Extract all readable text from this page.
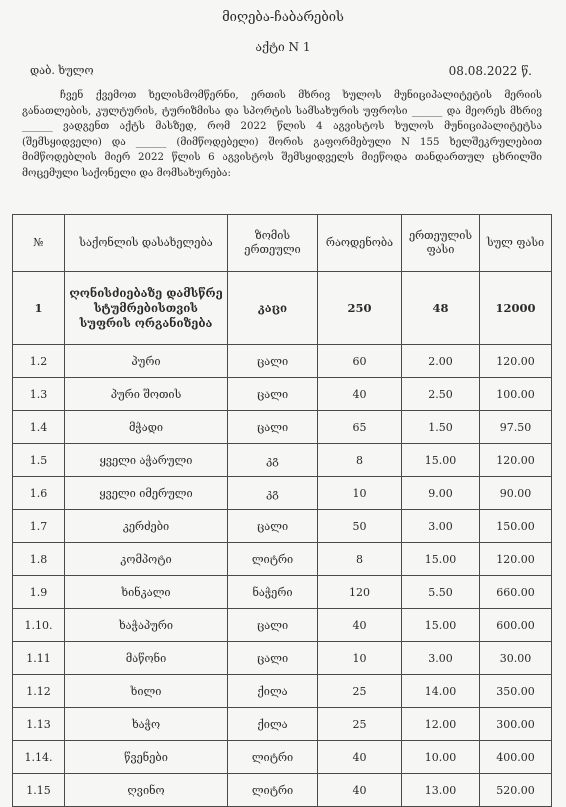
მიღება-ჩაბარების
აქტი N 1
დაბ. ხულო	08.08.2022 წ.

ჩვენ ქვემოთ ხელისმომწერნი, ერთის მხრივ ხულოს მუნიციპალიტეტის მერიის განათლების, კულტურის, ტურიზმისა და სპორტის სამსახურის უფროსი ______ და მეორეს მხრივ ______ ვადგენთ აქტს მასზედ, რომ 2022 წლის 4 აგვისტოს ხულოს მუნიციპალიტეტსა (შემსყიდველი) და ______ (მიმწოდებელი) შორის გაფორმებული N 155 ხელშეკრულებით მიმწოდებლის მიერ 2022 წლის 6 აგვისტოს შემსყიდველს მიეწოდა თანდართულ ცხრილში მოცემული საქონელი და მომსახურება:

№	საქონლის დასახელება	ზომის ერთეული	რაოდენობა	ერთეულის ფასი	სულ ფასი
1	ღონისძიებაზე დამსწრე სტუმრებისთვის სუფრის ორგანიზება	კაცი	250	48	12000
1.2	პური	ცალი	60	2.00	120.00
1.3	პური შოთის	ცალი	40	2.50	100.00
1.4	მჭადი	ცალი	65	1.50	97.50
1.5	ყველი აჭარული	კგ	8	15.00	120.00
1.6	ყველი იმერული	კგ	10	9.00	90.00
1.7	კერძები	ცალი	50	3.00	150.00
1.8	კომპოტი	ლიტრი	8	15.00	120.00
1.9	ხინკალი	ნაჭერი	120	5.50	660.00
1.10.	ხაჭაპური	ცალი	40	15.00	600.00
1.11	მაწონი	ცალი	10	3.00	30.00
1.12	ხილი	ქილა	25	14.00	350.00
1.13	ხაჭო	ქილა	25	12.00	300.00
1.14.	წვენები	ლიტრი	40	10.00	400.00
1.15	ღვინო	ლიტრი	40	13.00	520.00
